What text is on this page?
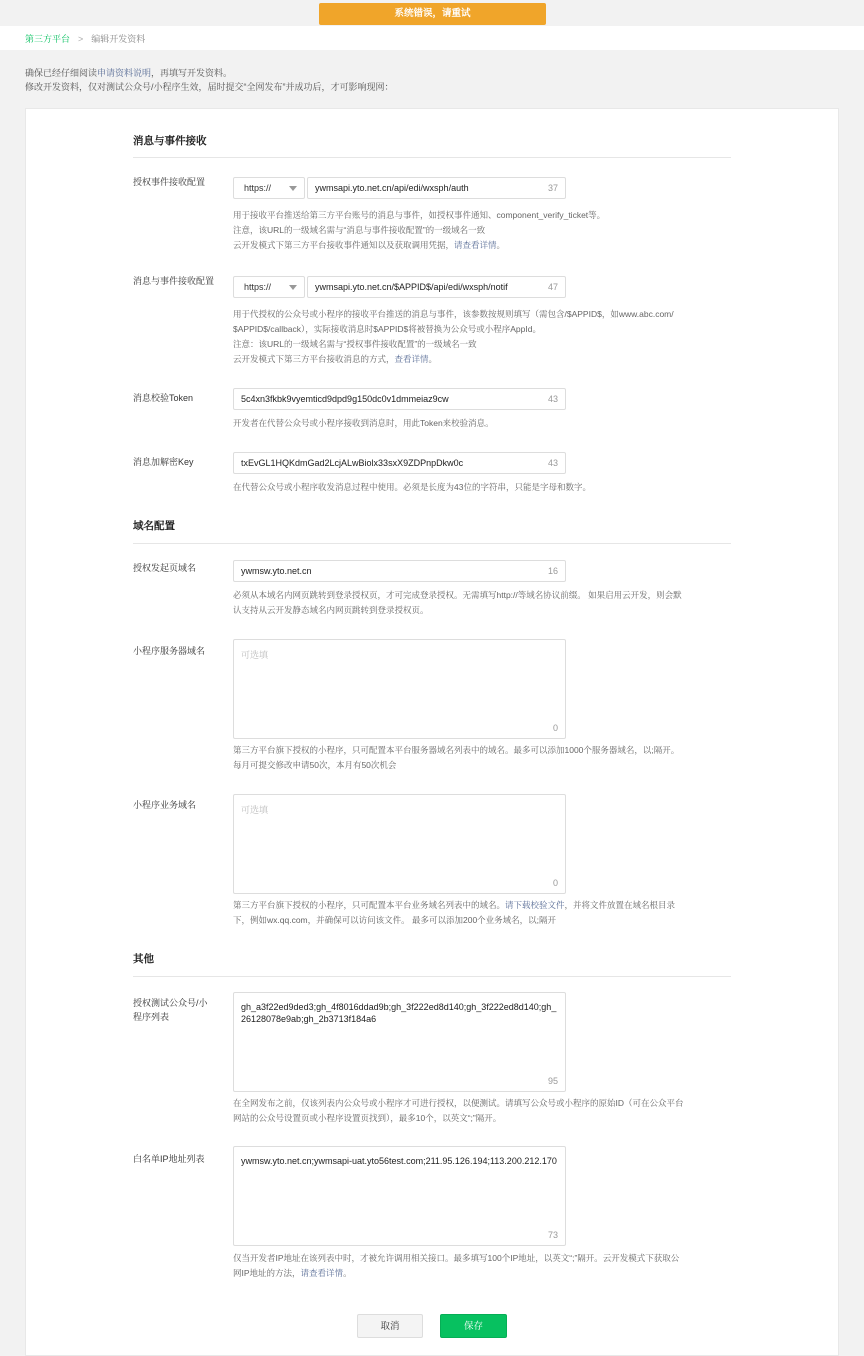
系统错误，请重试
第三方平台 > 编辑开发资料
确保已经仔细阅读申请资料说明，再填写开发资料。
修改开发资料，仅对测试公众号/小程序生效，届时提交“全网发布”并成功后，才可影响现网：
消息与事件接收
授权事件接收配置
https://	ywmsapi.yto.net.cn/api/edi/wxsph/auth	37
用于接收平台推送给第三方平台账号的消息与事件，如授权事件通知、component_verify_ticket等。
注意，该URL的一级域名需与“消息与事件接收配置”的一级域名一致
云开发模式下第三方平台接收事件通知以及获取调用凭据，请查看详情。
消息与事件接收配置
https://	ywmsapi.yto.net.cn/$APPID$/api/edi/wxsph/notif	47
用于代授权的公众号或小程序的接收平台推送的消息与事件，该参数按规则填写（需包含/$APPID$，如www.abc.com/
$APPID$/callback），实际接收消息时$APPID$将被替换为公众号或小程序AppId。
注意：该URL的一级域名需与“授权事件接收配置”的一级域名一致
云开发模式下第三方平台接收消息的方式，查看详情。
消息校验Token	5c4xn3fkbk9vyemticd9dpd9g150dc0v1dmmeiaz9cw	43
开发者在代替公众号或小程序接收到消息时，用此Token来校验消息。
消息加解密Key	txEvGL1HQKdmGad2LcjALwBiolx33sxX9ZDPnpDkw0c	43
在代替公众号或小程序收发消息过程中使用。必须是长度为43位的字符串，只能是字母和数字。
域名配置
授权发起页域名	ywmsw.yto.net.cn	16
必须从本域名内网页跳转到登录授权页，才可完成登录授权。无需填写http://等域名协议前缀。 如果启用云开发，则会默
认支持从云开发静态域名内网页跳转到登录授权页。
小程序服务器域名	可选填
0
第三方平台旗下授权的小程序，只可配置本平台服务器域名列表中的域名。最多可以添加1000个服务器域名，以;隔开。
每月可提交修改申请50次，本月有50次机会
小程序业务域名	可选填
0
第三方平台旗下授权的小程序，只可配置本平台业务域名列表中的域名。请下载校验文件，并将文件放置在域名根目录
下，例如wx.qq.com，并确保可以访问该文件。 最多可以添加200个业务域名，以;隔开
其他
授权测试公众号/小程序列表
gh_a3f22ed9ded3;gh_4f8016ddad9b;gh_3f222ed8d140;gh_3f222ed8d140;gh_26128078e9ab;gh_2b3713f184a6
95
在全网发布之前，仅该列表内公众号或小程序才可进行授权，以便测试。请填写公众号或小程序的原始ID（可在公众平台
网站的公众号设置页或小程序设置页找到），最多10个，以英文“;”隔开。
白名单IP地址列表	ywmsw.yto.net.cn;ywmsapi-uat.yto56test.com;211.95.126.194;113.200.212.170
73
仅当开发者IP地址在该列表中时，才被允许调用相关接口。最多填写100个IP地址，以英文“;”隔开。云开发模式下获取公
网IP地址的方法，请查看详情。
取消	保存
